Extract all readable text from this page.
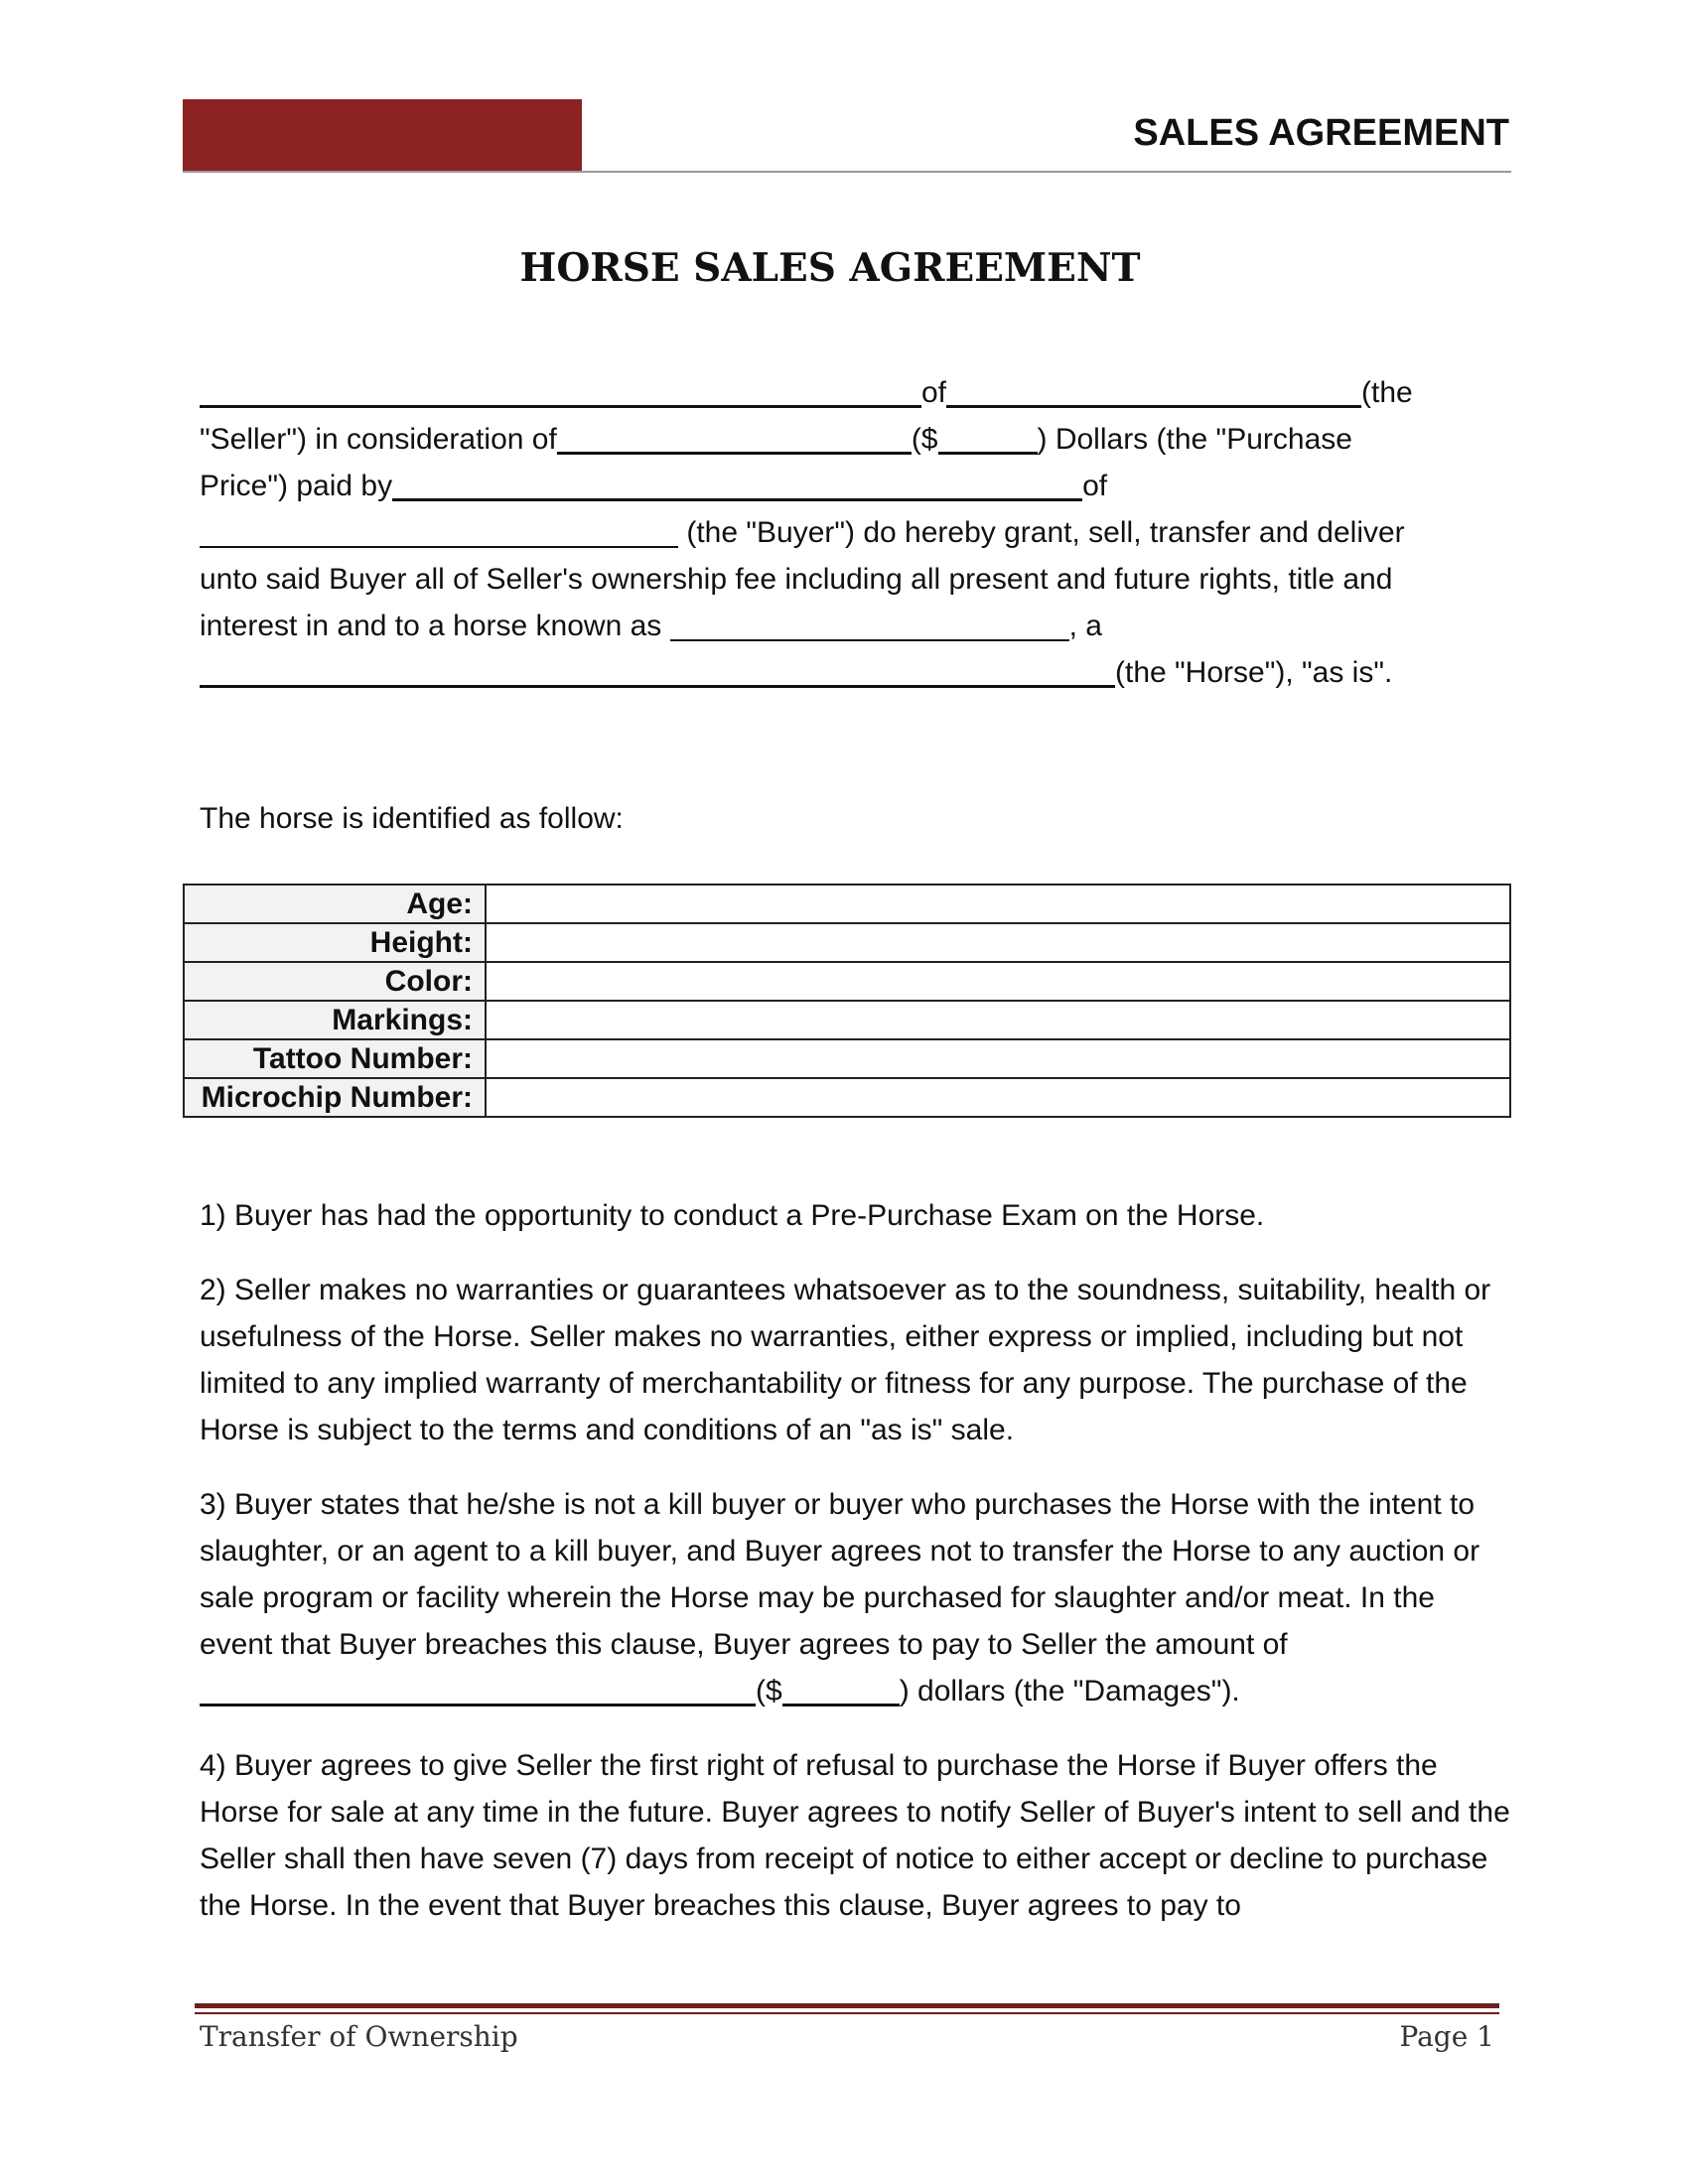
SALES AGREEMENT
HORSE SALES AGREEMENT
of	(the
"Seller") in consideration of	($	) Dollars (the "Purchase
Price") paid by	of
(the "Buyer") do hereby grant, sell, transfer and deliver
unto said Buyer all of Seller's ownership fee including all present and future rights, title and
interest in and to a horse known as	, a
(the "Horse"), "as is".
The horse is identified as follow:
Age:	
Height:	
Color:	
Markings:	
Tattoo Number:	
Microchip Number:	

1) Buyer has had the opportunity to conduct a Pre-Purchase Exam on the Horse.

2) Seller makes no warranties or guarantees whatsoever as to the soundness, suitability, health or usefulness of the Horse. Seller makes no warranties, either express or implied, including but not limited to any implied warranty of merchantability or fitness for any purpose. The purchase of the Horse is subject to the terms and conditions of an "as is" sale.

3) Buyer states that he/she is not a kill buyer or buyer who purchases the Horse with the intent to slaughter, or an agent to a kill buyer, and Buyer agrees not to transfer the Horse to any auction or sale program or facility wherein the Horse may be purchased for slaughter and/or meat. In the event that Buyer breaches this clause, Buyer agrees to pay to Seller the amount of
($	) dollars (the "Damages").

4) Buyer agrees to give Seller the first right of refusal to purchase the Horse if Buyer offers the Horse for sale at any time in the future. Buyer agrees to notify Seller of Buyer's intent to sell and the Seller shall then have seven (7) days from receipt of notice to either accept or decline to purchase the Horse. In the event that Buyer breaches this clause, Buyer agrees to pay to

Transfer of Ownership	Page 1
